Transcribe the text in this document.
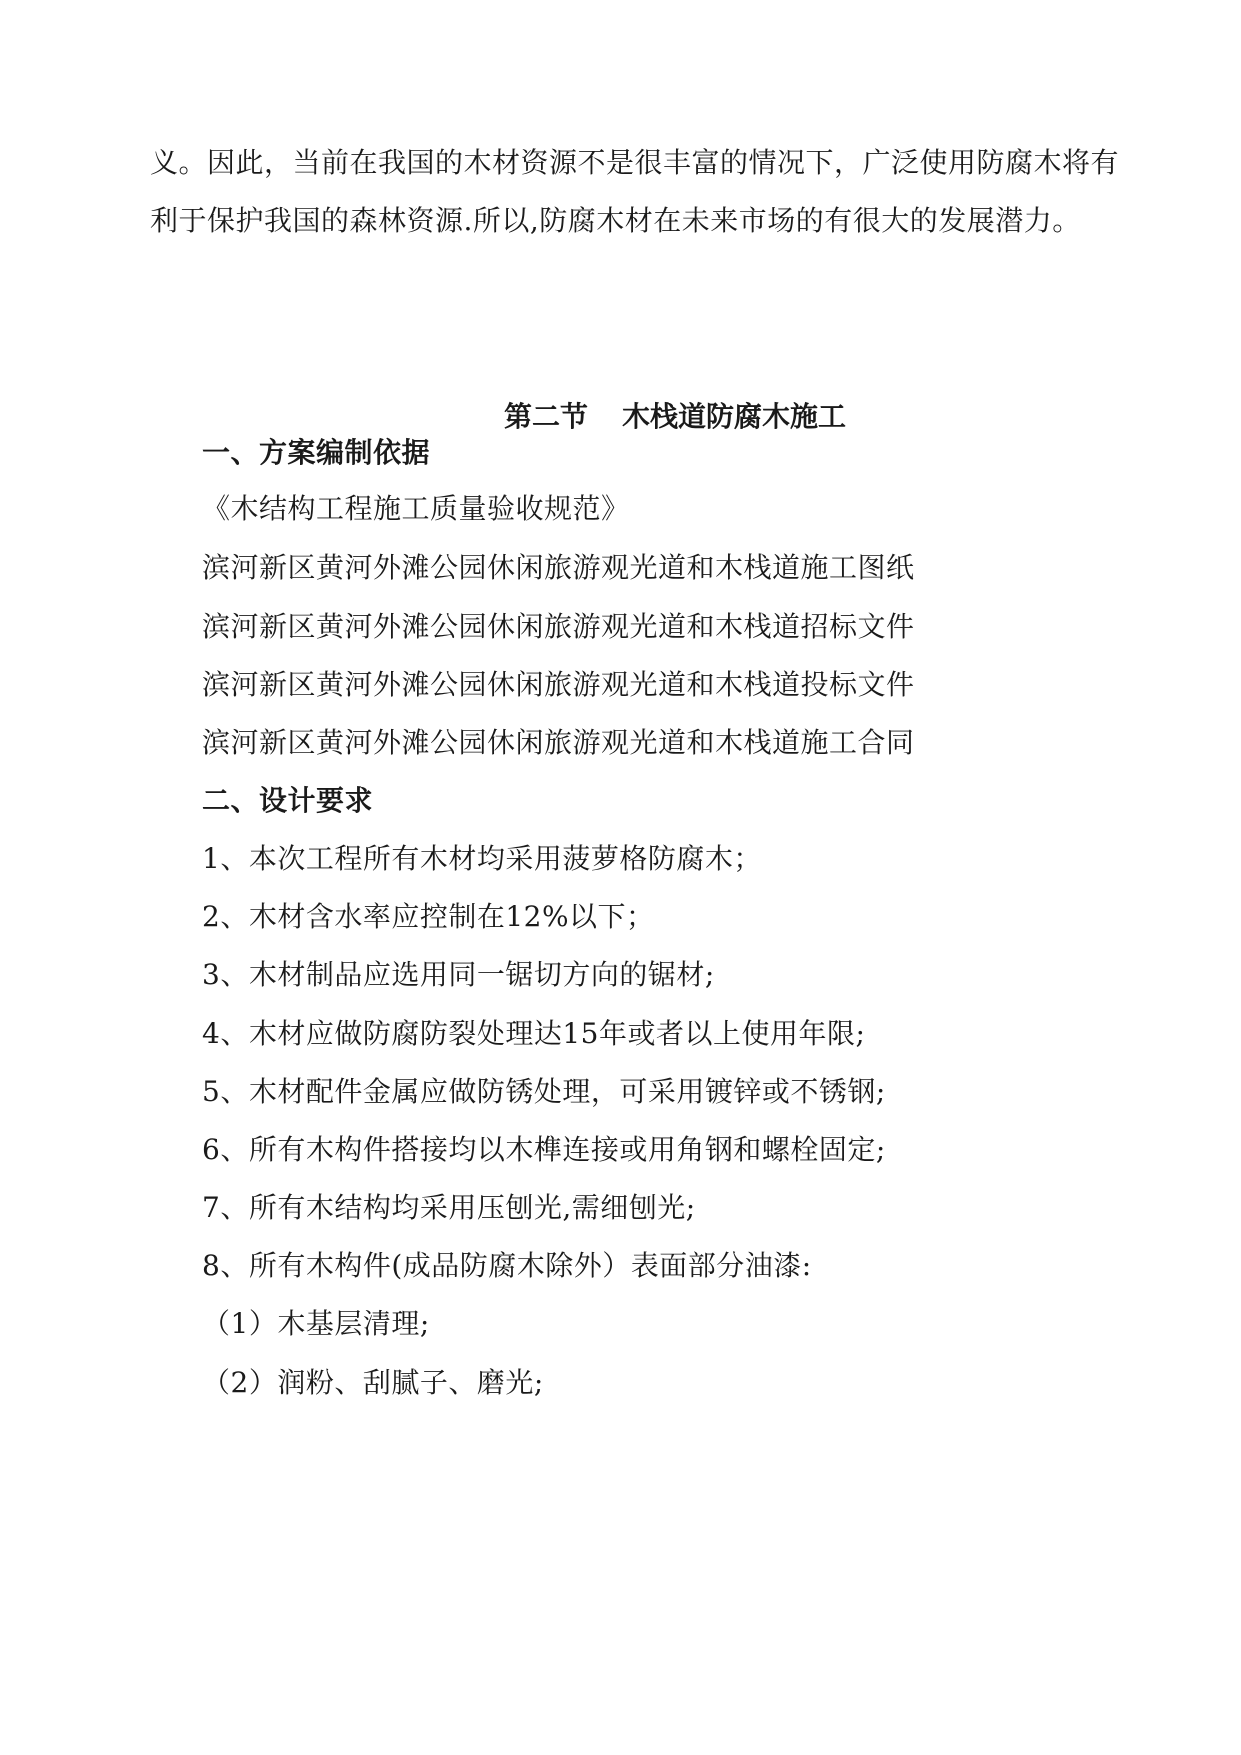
义。因此，当前在我国的木材资源不是很丰富的情况下，广泛使用防腐木将有
利于保护我国的森林资源.所以,防腐木材在未来市场的有很大的发展潜力。
第二节 木栈道防腐木施工
一、方案编制依据
《木结构工程施工质量验收规范》
滨河新区黄河外滩公园休闲旅游观光道和木栈道施工图纸
滨河新区黄河外滩公园休闲旅游观光道和木栈道招标文件
滨河新区黄河外滩公园休闲旅游观光道和木栈道投标文件
滨河新区黄河外滩公园休闲旅游观光道和木栈道施工合同
二、设计要求
1、本次工程所有木材均采用菠萝格防腐木；
2、木材含水率应控制在12%以下；
3、木材制品应选用同一锯切方向的锯材;
4、木材应做防腐防裂处理达15年或者以上使用年限;
5、木材配件金属应做防锈处理，可采用镀锌或不锈钢;
6、所有木构件搭接均以木榫连接或用角钢和螺栓固定;
7、所有木结构均采用压刨光,需细刨光;
8、所有木构件(成品防腐木除外）表面部分油漆:
（1）木基层清理;
（2）润粉、刮腻子、磨光;
